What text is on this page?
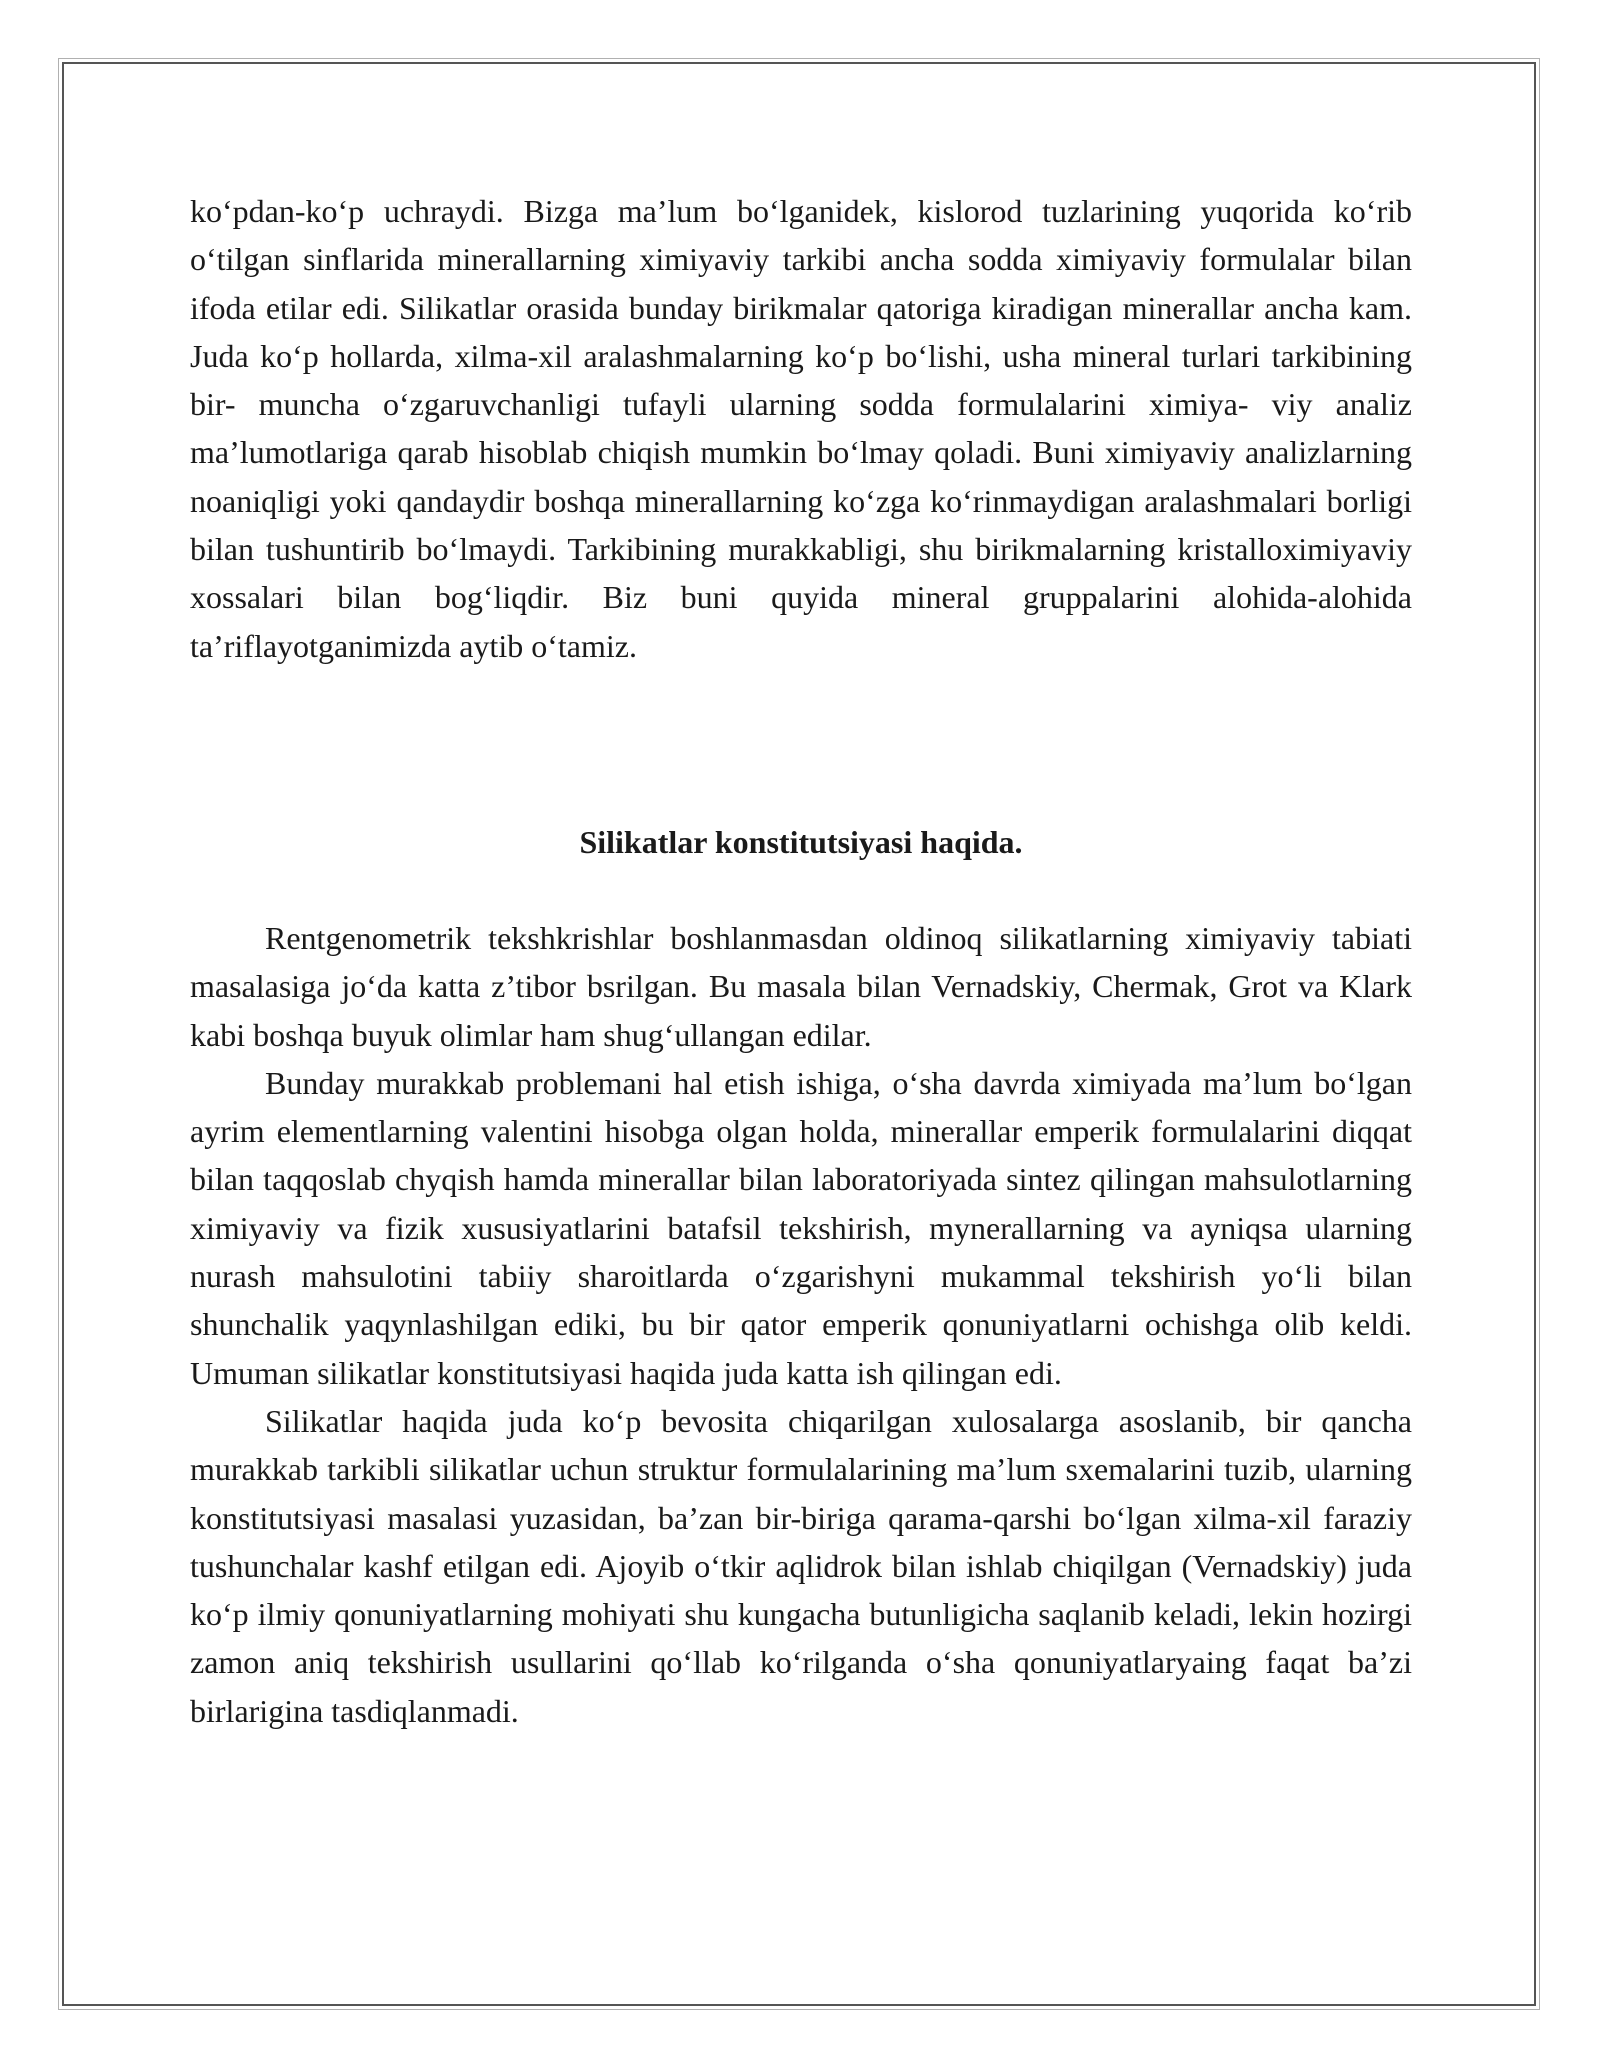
ko‘pdan-ko‘p uchraydi. Bizga ma’lum bo‘lganidek, kislorod tuzlarining yuqorida ko‘rib o‘tilgan sinflarida minerallarning ximiyaviy tarkibi ancha sodda ximiyaviy formulalar bilan ifoda etilar edi. Silikatlar orasida bunday birikmalar qatoriga kiradigan minerallar ancha kam. Juda ko‘p hollarda, xilma-xil aralashmalarning ko‘p bo‘lishi, usha mineral turlari tarkibining bir- muncha o‘zgaruvchanligi tufayli ularning sodda formulalarini ximiya- viy analiz ma’lumotlariga qarab hisoblab chiqish mumkin bo‘lmay qoladi. Buni ximiyaviy analizlarning noaniqligi yoki qandaydir boshqa minerallarning ko‘zga ko‘rinmaydigan aralashmalari borligi bilan tushuntirib bo‘lmaydi. Tarkibining murakkabligi, shu birikmalarning kristalloximiyaviy xossalari bilan bog‘liqdir. Biz buni quyida mineral gruppalarini alohida-alohida ta’riflayotganimizda aytib o‘tamiz.

Silikatlar konstitutsiyasi haqida.

Rentgenometrik tekshkrishlar boshlanmasdan oldinoq silikatlarning ximiyaviy tabiati masalasiga jo‘da katta z’tibor bsrilgan. Bu masala bilan Vernadskiy, Chermak, Grot va Klark kabi boshqa buyuk olimlar ham shug‘ullangan edilar.

Bunday murakkab problemani hal etish ishiga, o‘sha davrda ximiyada ma’lum bo‘lgan ayrim elementlarning valentini hisobga olgan holda, minerallar emperik formulalarini diqqat bilan taqqoslab chyqish hamda minerallar bilan laboratoriyada sintez qilingan mahsulotlarning ximiyaviy va fizik xususiyatlarini batafsil tekshirish, mynerallarning va ayniqsa ularning nurash mahsulotini tabiiy sharoitlarda o‘zgarishyni mukammal tekshirish yo‘li bilan shunchalik yaqynlashilgan ediki, bu bir qator emperik qonuniyatlarni ochishga olib keldi. Umuman silikatlar konstitutsiyasi haqida juda katta ish qilingan edi.

Silikatlar haqida juda ko‘p bevosita chiqarilgan xulosalarga asoslanib, bir qancha murakkab tarkibli silikatlar uchun struktur formulalarining ma’lum sxemalarini tuzib, ularning konstitutsiyasi masalasi yuzasidan, ba’zan bir-biriga qarama-qarshi bo‘lgan xilma-xil faraziy tushunchalar kashf etilgan edi. Ajoyib o‘tkir aqlidrok bilan ishlab chiqilgan (Vernadskiy) juda ko‘p ilmiy qonuniyatlarning mohiyati shu kungacha butunligicha saqlanib keladi, lekin hozirgi zamon aniq tekshirish usullarini qo‘llab ko‘rilganda o‘sha qonuniyatlaryaing faqat ba’zi birlarigina tasdiqlanmadi.
